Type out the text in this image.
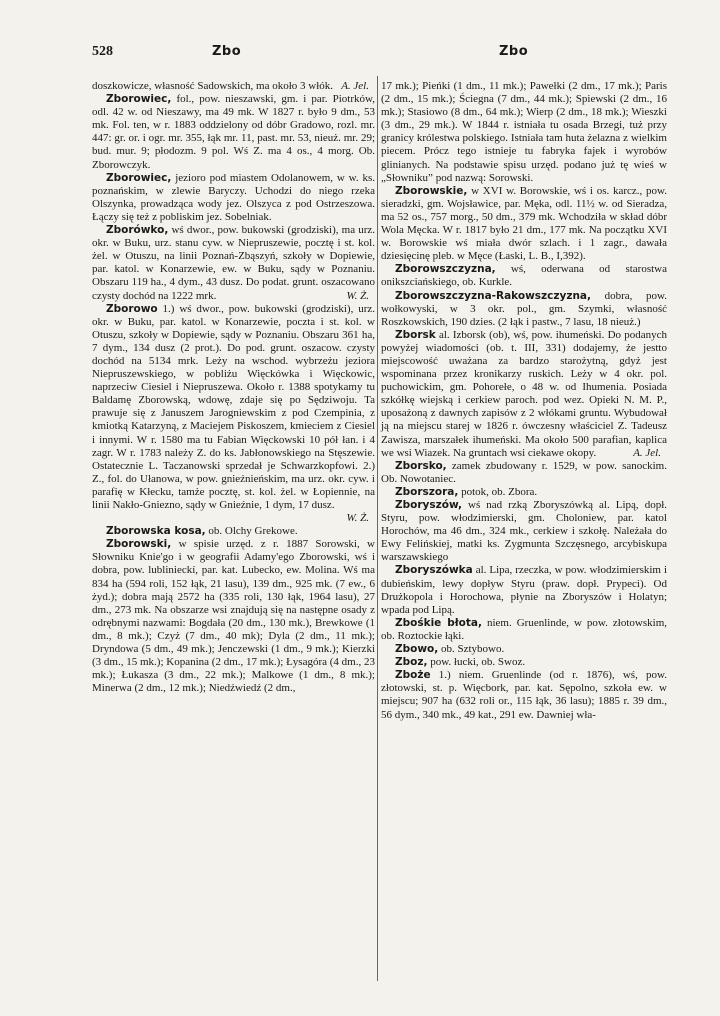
528	Zbo	Zbo

doszkowicze, własność Sadowskich, ma około 3 włók. A. Jel.

Zborowiec, fol., pow. nieszawski, gm. i par. Piotrków, odl. 42 w. od Nieszawy, ma 49 mk. W 1827 r. było 9 dm., 53 mk. Fol. ten, w r. 1883 oddzielony od dóbr Gradowo, rozl. mr. 447: gr. or. i ogr. mr. 355, łąk mr. 11, past. mr. 53, nieuż. mr. 29; bud. mur. 9; płodozm. 9 pol. Wś Z. ma 4 os., 4 morg. Ob. Zborowczyk.

Zborowiec, jezioro pod miastem Odolanowem, w w. ks. poznańskim, w zlewie Baryczy. Uchodzi do niego rzeka Olszynka, prowadząca wody jez. Olszyca z pod Ostrzeszowa. Łączy się też z pobliskim jez. Sobelniak.

Zborówko, wś dwor., pow. bukowski (grodziski), ma urz. okr. w Buku, urz. stanu cyw. w Niepruszewie, pocztę i st. kol. żel. w Otuszu, na linii Poznań-Zbąszyń, szkoły w Dopiewie, par. katol. w Konarzewie, ew. w Buku, sądy w Poznaniu. Obszaru 119 ha., 4 dym., 43 dusz. Do podat. grunt. oszacowano czysty dochód na 1222 mrk.	W. Ż.

Zborowo 1.) wś dwor., pow. bukowski (grodziski), urz. okr. w Buku, par. katol. w Konarzewie, poczta i st. kol. w Otuszu, szkoły w Dopiewie, sądy w Poznaniu. Obszaru 361 ha, 7 dym., 134 dusz (2 prot.). Do pod. grunt. oszacow. czysty dochód na 5134 mrk. Leży na wschod. wybrzeżu jeziora Niepruszewskiego, w pobliżu Więckówka i Więckowic, naprzeciw Ciesiel i Niepruszewa. Około r. 1388 spotykamy tu Baldamę Zborowską, wdowę, zdaje się po Sędziwoju. Ta prawuje się z Januszem Jarogniewskim z pod Czempinia, z kmiotką Katarzyną, z Maciejem Piskoszem, kmieciem z Ciesiel i innymi. W r. 1580 ma tu Fabian Więckowski 10 pół łan. i 4 zagr. W r. 1783 należy Z. do ks. Jabłonowskiego na Stęszewie. Ostatecznie L. Taczanowski sprzedał je Schwarzkopfowi. 2.) Z., fol. do Ułanowa, w pow. gnieźnieńskim, ma urz. okr. cyw. i parafię w Kłecku, tamże pocztę, st. kol. żel. w Łopiennie, na linii Nakło-Gniezno, sądy w Gnieźnie, 1 dym, 17 dusz.
W. Ż.

Zborowska kosa, ob. Olchy Grekowe.

Zborowski, w spisie urzęd. z r. 1887 Sorowski, w Słowniku Knie'go i w geografii Adamy'ego Zborowski, wś i dobra, pow. lublinieckí, par. kat. Lubecko, ew. Molina. Wś ma 834 ha (594 roli, 152 łąk, 21 lasu), 139 dm., 925 mk. (7 ew., 6 żyd.); dobra mają 2572 ha (335 roli, 130 łąk, 1964 lasu), 27 dm., 273 mk. Na obszarze wsi znajdują się na następne osady z odrębnymi nazwami: Bogdała (20 dm., 130 mk.), Brewkowe (1 dm., 8 mk.); Czyż (7 dm., 40 mk); Dyla (2 dm., 11 mk.); Dryndowa (5 dm., 49 mk.); Jenczewski (1 dm., 9 mk.); Kierzki (3 dm., 15 mk.); Kopanina (2 dm., 17 mk.); Łysagóra (4 dm., 23 mk.); Łukasza (3 dm., 22 mk.); Malkowe (1 dm., 8 mk.); Minerwa (2 dm., 12 mk.); Niedźwiedź (2 dm.,

17 mk.); Pieńki (1 dm., 11 mk.); Pawełki (2 dm., 17 mk.); Paris (2 dm., 15 mk.); Ściegna (7 dm., 44 mk.); Spiewski (2 dm., 16 mk.); Stasiowo (8 dm., 64 mk.); Wierp (2 dm., 18 mk.); Wieszki (3 dm., 29 mk.). W 1844 r. istniała tu osada Brzegi, tuż przy granicy królestwa polskiego. Istniała tam huta żelazna z wielkim piecem. Prócz tego istnieje tu fabryka fajek i wyrobów glinianych. Na podstawie spisu urzęd. podano już tę wieś w „Słowniku” pod nazwą: Sorowski.

Zborowskie, w XVI w. Borowskie, wś i os. karcz., pow. sieradzki, gm. Wojsławice, par. Męka, odl. 11½ w. od Sieradza, ma 52 os., 757 morg., 50 dm., 379 mk. Wchodziła w skład dóbr Wola Męcka. W r. 1817 było 21 dm., 177 mk. Na początku XVI w. Borowskie wś miała dwór szlach. i 1 zagr., dawała dziesięcinę pleb. w Męce (Łaski, L. B., I,392).

Zborowszczyzna, wś, oderwana od starostwa onikszciańskiego, ob. Kurkle.

Zborowszczyzna-Rakowszczyzna, dobra, pow. wołkowyski, w 3 okr. pol., gm. Szymki, własność Roszkowskich, 190 dzies. (2 łąk i pastw., 7 lasu, 18 nieuż.)

Zborsk al. Izborsk (ob), wś, pow. ihumeński. Do podanych powyżej wiadomości (ob. t. III, 331) dodajemy, że jestto miejscowość uważana za bardzo starożytną, gdyż jest wspominana przez kronikarzy ruskich. Leży w 4 okr. pol. puchowickim, gm. Pohorełe, o 48 w. od Ihumenia. Posiada szkółkę wiejską i cerkiew paroch. pod wez. Opieki N. M. P., uposażoną z dawnych zapisów z 2 włókami gruntu. Wybudował ją na miejscu starej w 1826 r. ówczesny właściciel Z. Tadeusz Zawisza, marszałek ihumeński. Ma około 500 parafian, kaplica we wsi Wiazek. Na gruntach wsi ciekawe okopy.	A. Jel.

Zborsko, zamek zbudowany r. 1529, w pow. sanockim. Ob. Nowotaniec.

Zborszora, potok, ob. Zbora.

Zboryszów, wś nad rzką Zboryszówką al. Lipą, dopł. Styru, pow. włodzimierski, gm. Choloniew, par. katol Horochów, ma 46 dm., 324 mk., cerkiew i szkołę. Należała do Ewy Felińskiej, matki ks. Zygmunta Szczęsnego, arcybiskupa warszawskiego

Zboryszówka al. Lipa, rzeczka, w pow. włodzimierskim i dubieńskim, lewy dopływ Styru (praw. dopł. Prypeci). Od Drużkopola i Horochowa, płynie na Zboryszów i Holatyn; wpada pod Lipą.

Zbośkie błota, niem. Gruenlinde, w pow. złotowskim, ob. Roztockie łąki.

Zbowo, ob. Sztybowo.

Zboz, pow. łucki, ob. Swoz.

Zboże 1.) niem. Gruenlinde (od r. 1876), wś, pow. złotowski, st. p. Więcbork, par. kat. Sępolno, szkoła ew. w miejscu; 907 ha (632 roli or., 115 łąk, 36 lasu); 1885 r. 39 dm., 56 dym., 340 mk., 49 kat., 291 ew. Dawniej wła-
